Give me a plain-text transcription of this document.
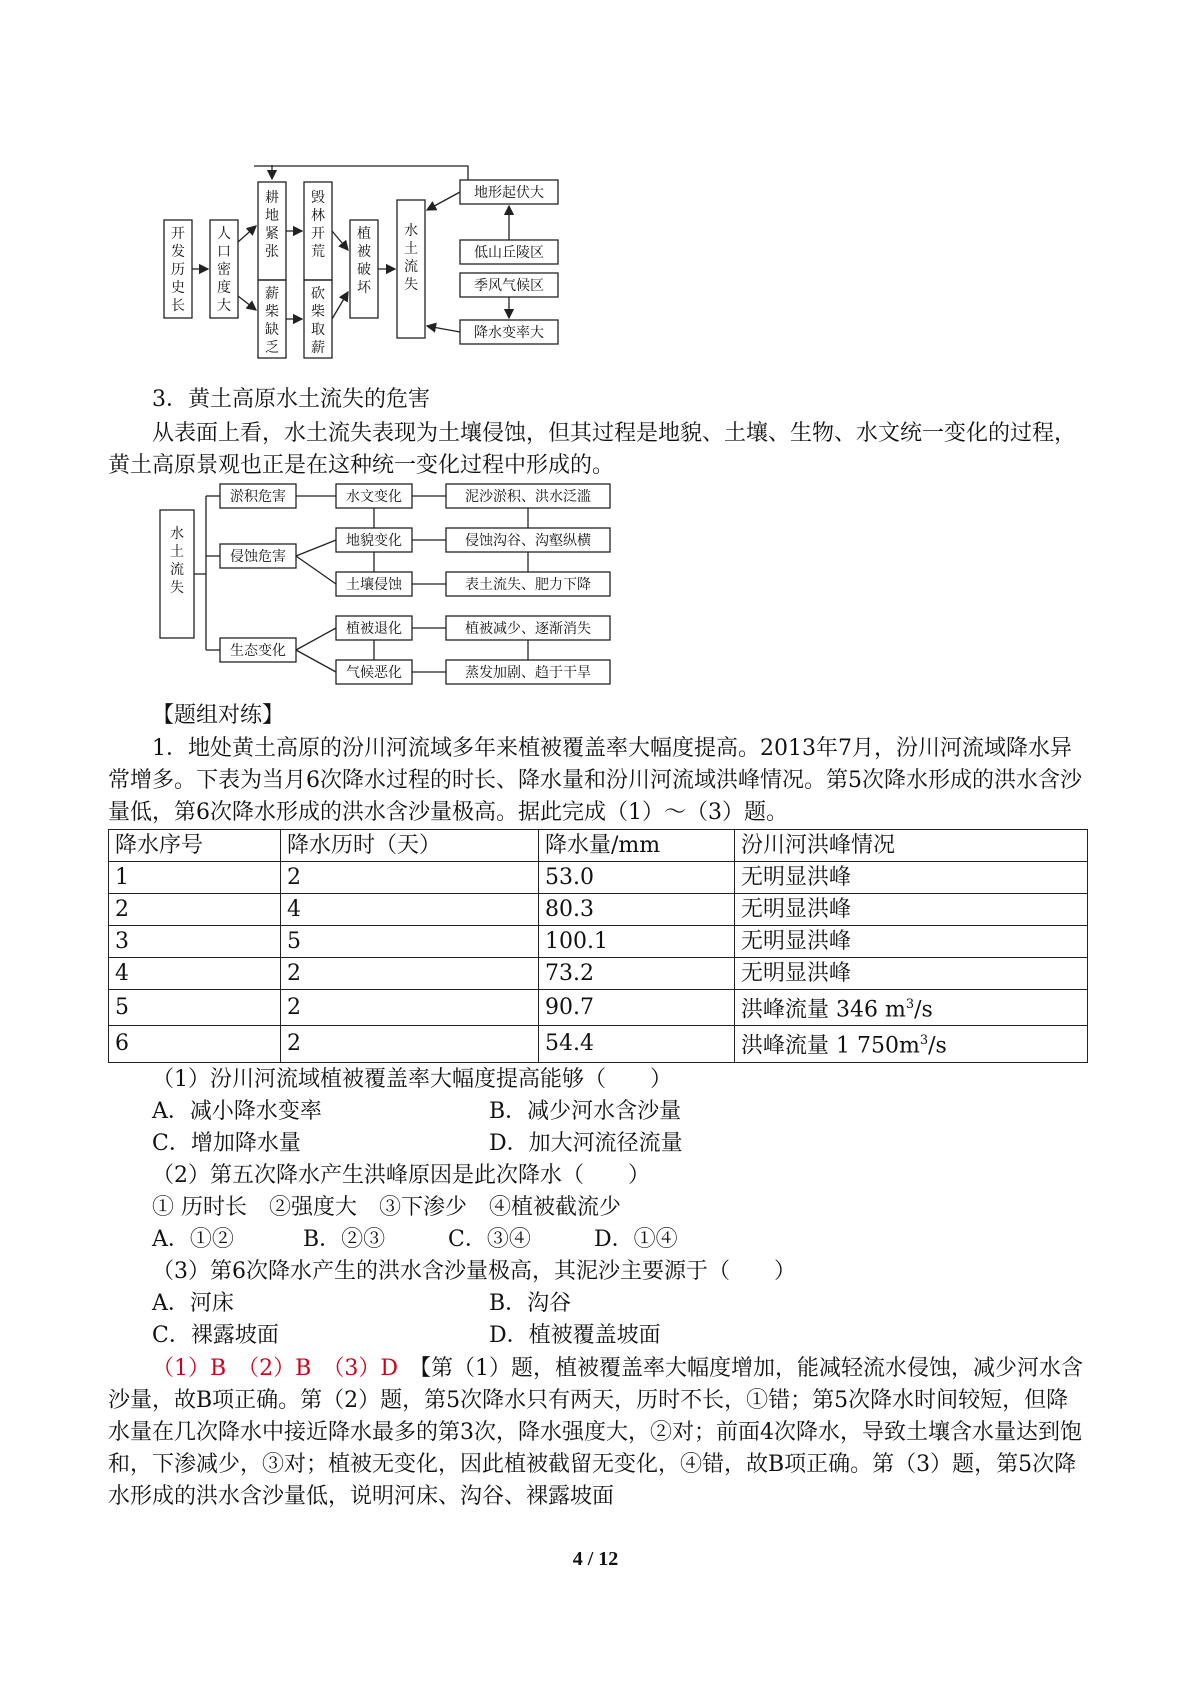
开发历史长
人口密度大
耕地紧张
薪柴缺乏
毁林开荒
砍柴取薪
植被破坏
水土流失
地形起伏大
低山丘陵区
季风气候区
降水变率大

3．黄土高原水土流失的危害

从表面上看，水土流失表现为土壤侵蚀，但其过程是地貌、土壤、生物、水文统一变化的过程，黄土高原景观也正是在这种统一变化过程中形成的。

水土流失
淤积危害
侵蚀危害
生态变化
水文变化
地貌变化
土壤侵蚀
植被退化
气候恶化
泥沙淤积、洪水泛滥
侵蚀沟谷、沟壑纵横
表土流失、肥力下降
植被减少、逐渐消失
蒸发加剧、趋于干旱

【题组对练】

1．地处黄土高原的汾川河流域多年来植被覆盖率大幅度提高。2013年7月，汾川河流域降水异常增多。下表为当月6次降水过程的时长、降水量和汾川河流域洪峰情况。第5次降水形成的洪水含沙量低，第6次降水形成的洪水含沙量极高。据此完成（1）～（3）题。

降水序号	降水历时（天）	降水量/mm	汾川河洪峰情况
1	2	53.0	无明显洪峰
2	4	80.3	无明显洪峰
3	5	100.1	无明显洪峰
4	2	73.2	无明显洪峰
5	2	90.7	洪峰流量 346 $m^3/s$
6	2	54.4	洪峰流量 1 $750m^3/s$
（1）汾川河流域植被覆盖率大幅度提高能够（　　）
A．减小降水变率	B．减少河水含沙量
C．增加降水量	D．加大河流径流量
（2）第五次降水产生洪峰原因是此次降水（　　）
① 历时长　②强度大　③下渗少　④植被截流少
A．①②	B．②③	C．③④	D．①④
（3）第6次降水产生的洪水含沙量极高，其泥沙主要源于（　　）
A．河床	B．沟谷
C．裸露坡面	D．植被覆盖坡面

（1）B　（2）B　（3）D　 【第（1）题，植被覆盖率大幅度增加，能减轻流水侵蚀，减少河水含沙量，故B项正确。第（2）题，第5次降水只有两天，历时不长，①错；第5次降水时间较短，但降水量在几次降水中接近降水最多的第3次，降水强度大，②对；前面4次降水，导致土壤含水量达到饱和，下渗减少，③对；植被无变化，因此植被截留无变化，④错，故B项正确。第（3）题，第5次降水形成的洪水含沙量低，说明河床、沟谷、裸露坡面

4 / 12
